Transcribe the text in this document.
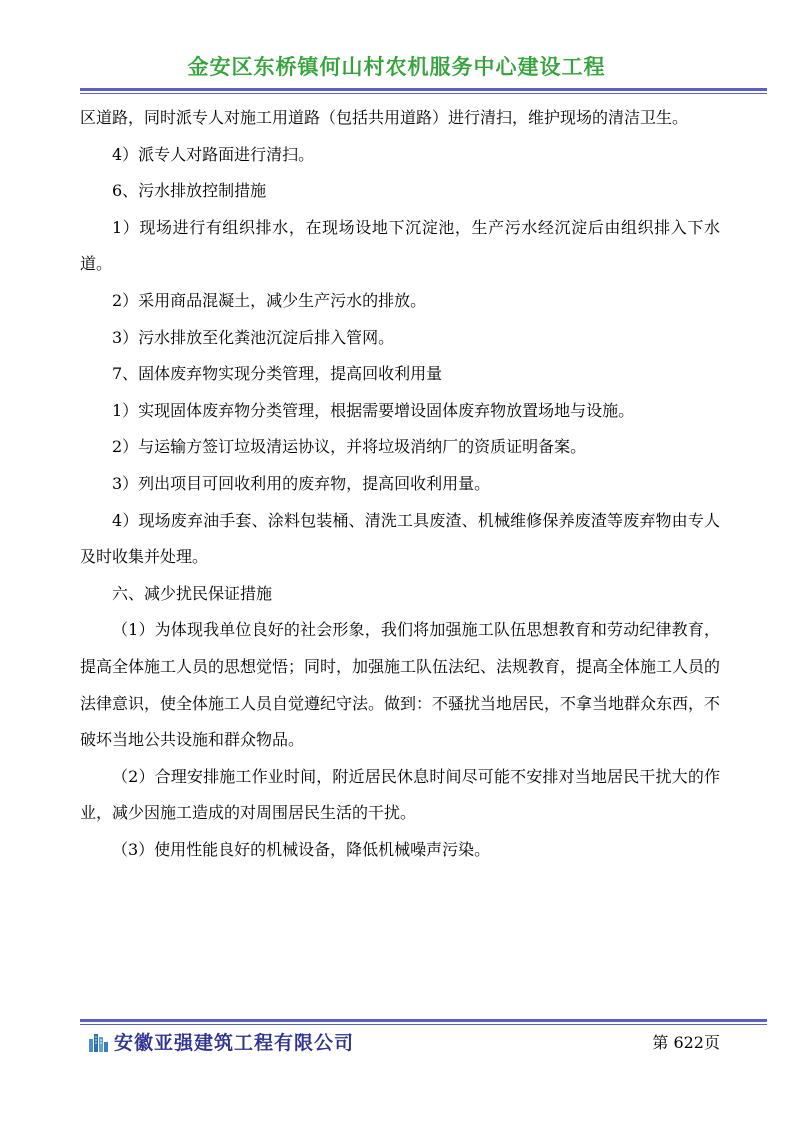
金安区东桥镇何山村农机服务中心建设工程

区道路，同时派专人对施工用道路（包括共用道路）进行清扫，维护现场的清洁卫生。

4）派专人对路面进行清扫。

6、污水排放控制措施

1）现场进行有组织排水，在现场设地下沉淀池，生产污水经沉淀后由组织排入下水道。

2）采用商品混凝土，减少生产污水的排放。

3）污水排放至化粪池沉淀后排入管网。

7、固体废弃物实现分类管理，提高回收利用量

1）实现固体废弃物分类管理，根据需要增设固体废弃物放置场地与设施。

2）与运输方签订垃圾清运协议，并将垃圾消纳厂的资质证明备案。

3）列出项目可回收利用的废弃物，提高回收利用量。

4）现场废弃油手套、涂料包装桶、清洗工具废渣、机械维修保养废渣等废弃物由专人及时收集并处理。

六、减少扰民保证措施

（1）为体现我单位良好的社会形象，我们将加强施工队伍思想教育和劳动纪律教育，提高全体施工人员的思想觉悟；同时，加强施工队伍法纪、法规教育，提高全体施工人员的法律意识，使全体施工人员自觉遵纪守法。做到：不骚扰当地居民，不拿当地群众东西，不破坏当地公共设施和群众物品。

（2）合理安排施工作业时间，附近居民休息时间尽可能不安排对当地居民干扰大的作业，减少因施工造成的对周围居民生活的干扰。

（3）使用性能良好的机械设备，降低机械噪声污染。

安徽亚强建筑工程有限公司	第 622页
